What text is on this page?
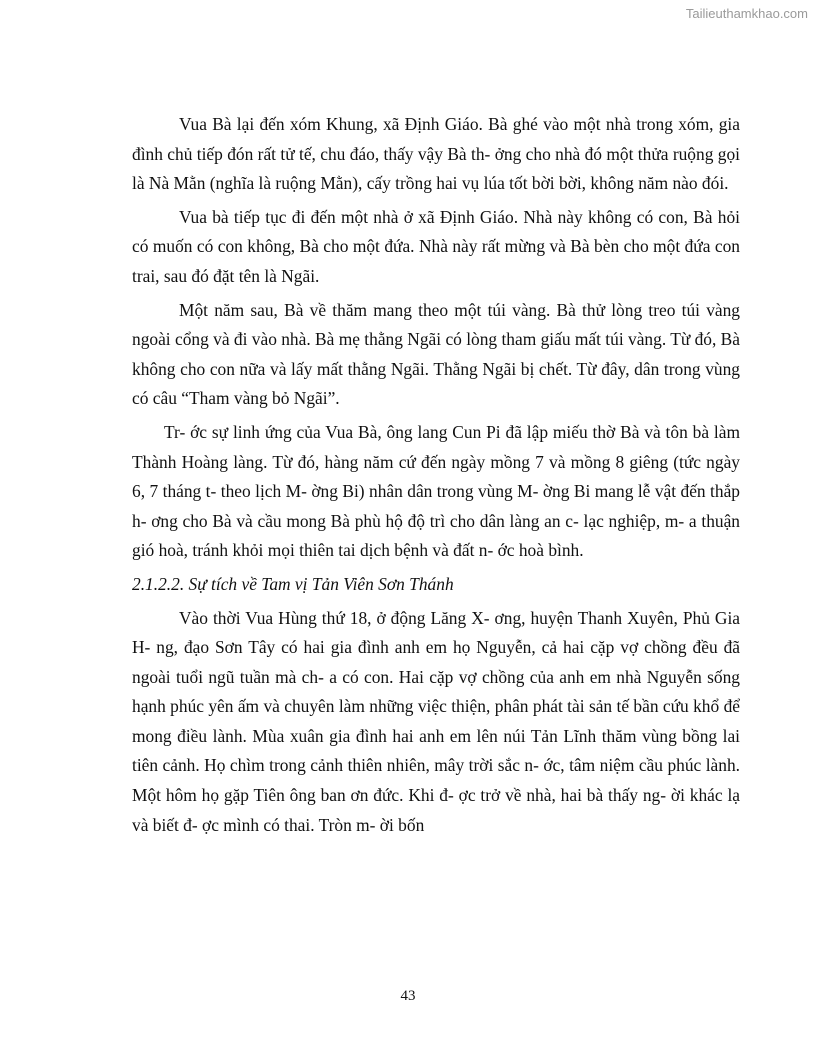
Tailieuthamkhao.com

Vua Bà lại đến xóm Khung, xã Định Giáo. Bà ghé vào một nhà trong xóm, gia đình chủ tiếp đón rất tử tế, chu đáo, thấy vậy Bà th- ởng cho nhà đó một thửa ruộng gọi là Nà Mằn (nghĩa là ruộng Mằn), cấy trồng hai vụ lúa tốt bời bời, không năm nào đói.

Vua bà tiếp tục đi đến một nhà ở xã Định Giáo. Nhà này không có con, Bà hỏi có muốn có con không, Bà cho một đứa. Nhà này rất mừng và Bà bèn cho một đứa con trai, sau đó đặt tên là Ngãi.

Một năm sau, Bà về thăm mang theo một túi vàng. Bà thử lòng treo túi vàng ngoài cổng và đi vào nhà. Bà mẹ thằng Ngãi có lòng tham giấu mất túi vàng. Từ đó, Bà không cho con nữa và lấy mất thằng Ngãi. Thằng Ngãi bị chết. Từ đây, dân trong vùng có câu “Tham vàng bỏ Ngãi”.

Tr- ớc sự linh ứng của Vua Bà, ông lang Cun Pi đã lập miếu thờ Bà và tôn bà làm Thành Hoàng làng. Từ đó, hàng năm cứ đến ngày mồng 7 và mồng 8 giêng (tức ngày 6, 7 tháng t- theo lịch M- ờng Bi) nhân dân trong vùng M- ờng Bi mang lễ vật đến thắp h- ơng cho Bà và cầu mong Bà phù hộ độ trì cho dân làng an c- lạc nghiệp, m- a thuận gió hoà, tránh khỏi mọi thiên tai dịch bệnh và đất n- ớc hoà bình.

2.1.2.2. Sự tích về Tam vị Tản Viên Sơn Thánh

Vào thời Vua Hùng thứ 18, ở động Lăng X- ơng, huyện Thanh Xuyên, Phủ Gia H- ng, đạo Sơn Tây có hai gia đình anh em họ Nguyễn, cả hai cặp vợ chồng đều đã ngoài tuổi ngũ tuần mà ch- a có con. Hai cặp vợ chồng của anh em nhà Nguyễn sống hạnh phúc yên ấm và chuyên làm những việc thiện, phân phát tài sản tế bần cứu khổ để mong điều lành. Mùa xuân gia đình hai anh em lên núi Tản Lĩnh thăm vùng bồng lai tiên cảnh. Họ chìm trong cảnh thiên nhiên, mây trời sắc n- ớc, tâm niệm cầu phúc lành. Một hôm họ gặp Tiên ông ban ơn đức. Khi đ- ợc trở về nhà, hai bà thấy ng- ời khác lạ và biết đ- ợc mình có thai. Tròn m- ời bốn

43
